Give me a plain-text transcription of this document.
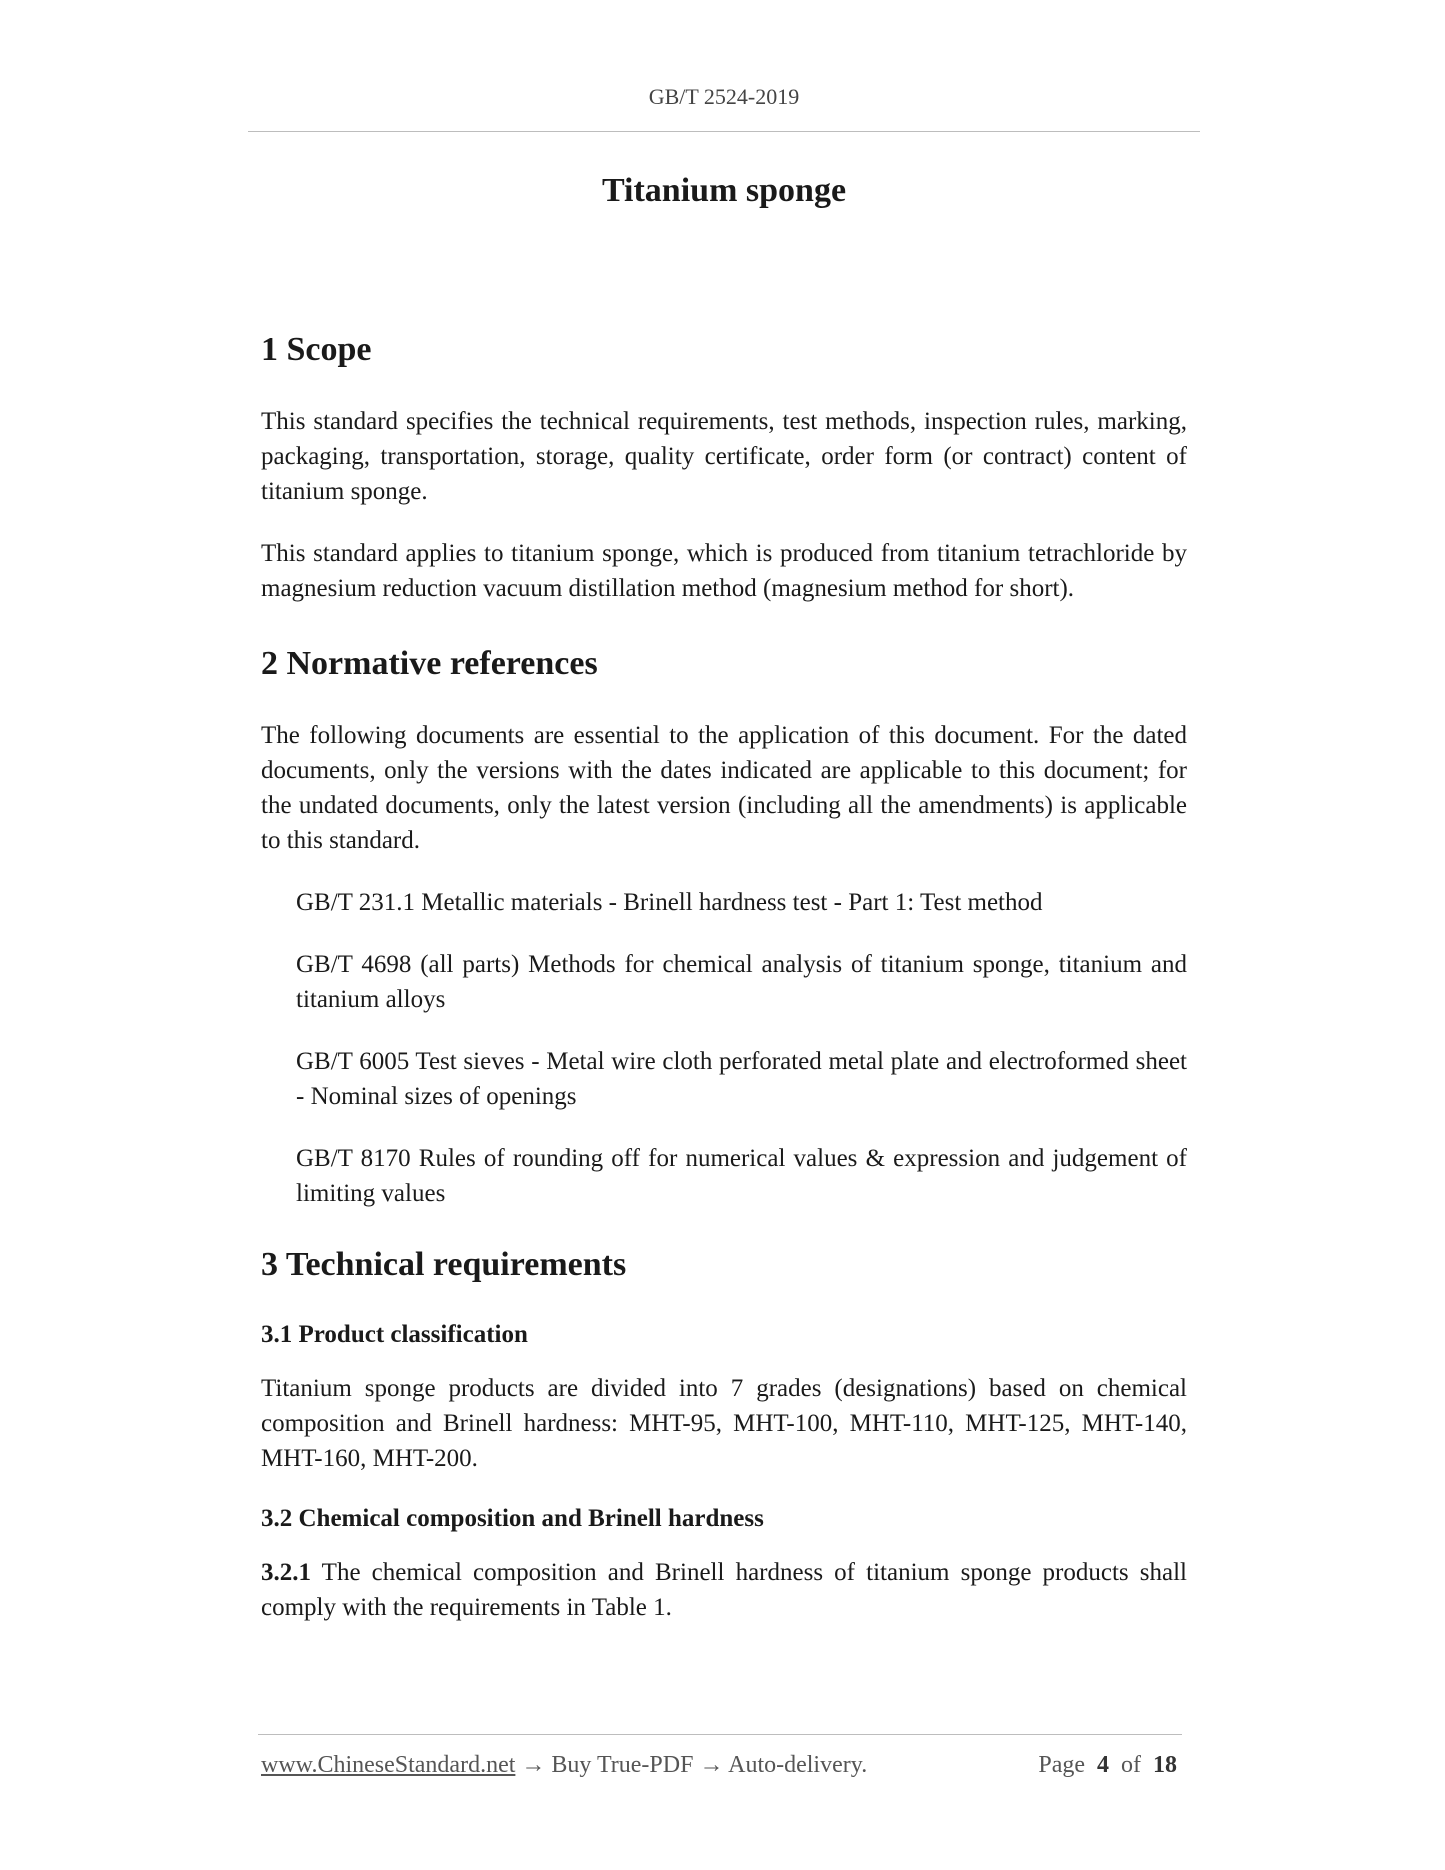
GB/T 2524-2019
Titanium sponge
1 Scope

This standard specifies the technical requirements, test methods, inspection rules, marking, packaging, transportation, storage, quality certificate, order form (or contract) content of titanium sponge.

This standard applies to titanium sponge, which is produced from titanium tetrachloride by magnesium reduction vacuum distillation method (magnesium method for short).

2 Normative references

The following documents are essential to the application of this document. For the dated documents, only the versions with the dates indicated are applicable to this document; for the undated documents, only the latest version (including all the amendments) is applicable to this standard.

GB/T 231.1 Metallic materials - Brinell hardness test - Part 1: Test method

GB/T 4698 (all parts) Methods for chemical analysis of titanium sponge, titanium and titanium alloys

GB/T 6005 Test sieves - Metal wire cloth perforated metal plate and electroformed sheet - Nominal sizes of openings

GB/T 8170 Rules of rounding off for numerical values & expression and judgement of limiting values

3 Technical requirements
3.1 Product classification

Titanium sponge products are divided into 7 grades (designations) based on chemical composition and Brinell hardness: MHT-95, MHT-100, MHT-110, MHT-125, MHT-140, MHT-160, MHT-200.

3.2 Chemical composition and Brinell hardness

3.2.1 The chemical composition and Brinell hardness of titanium sponge products shall comply with the requirements in Table 1.

www.ChineseStandard.net → Buy True-PDF → Auto-delivery.	Page 4 of 18
